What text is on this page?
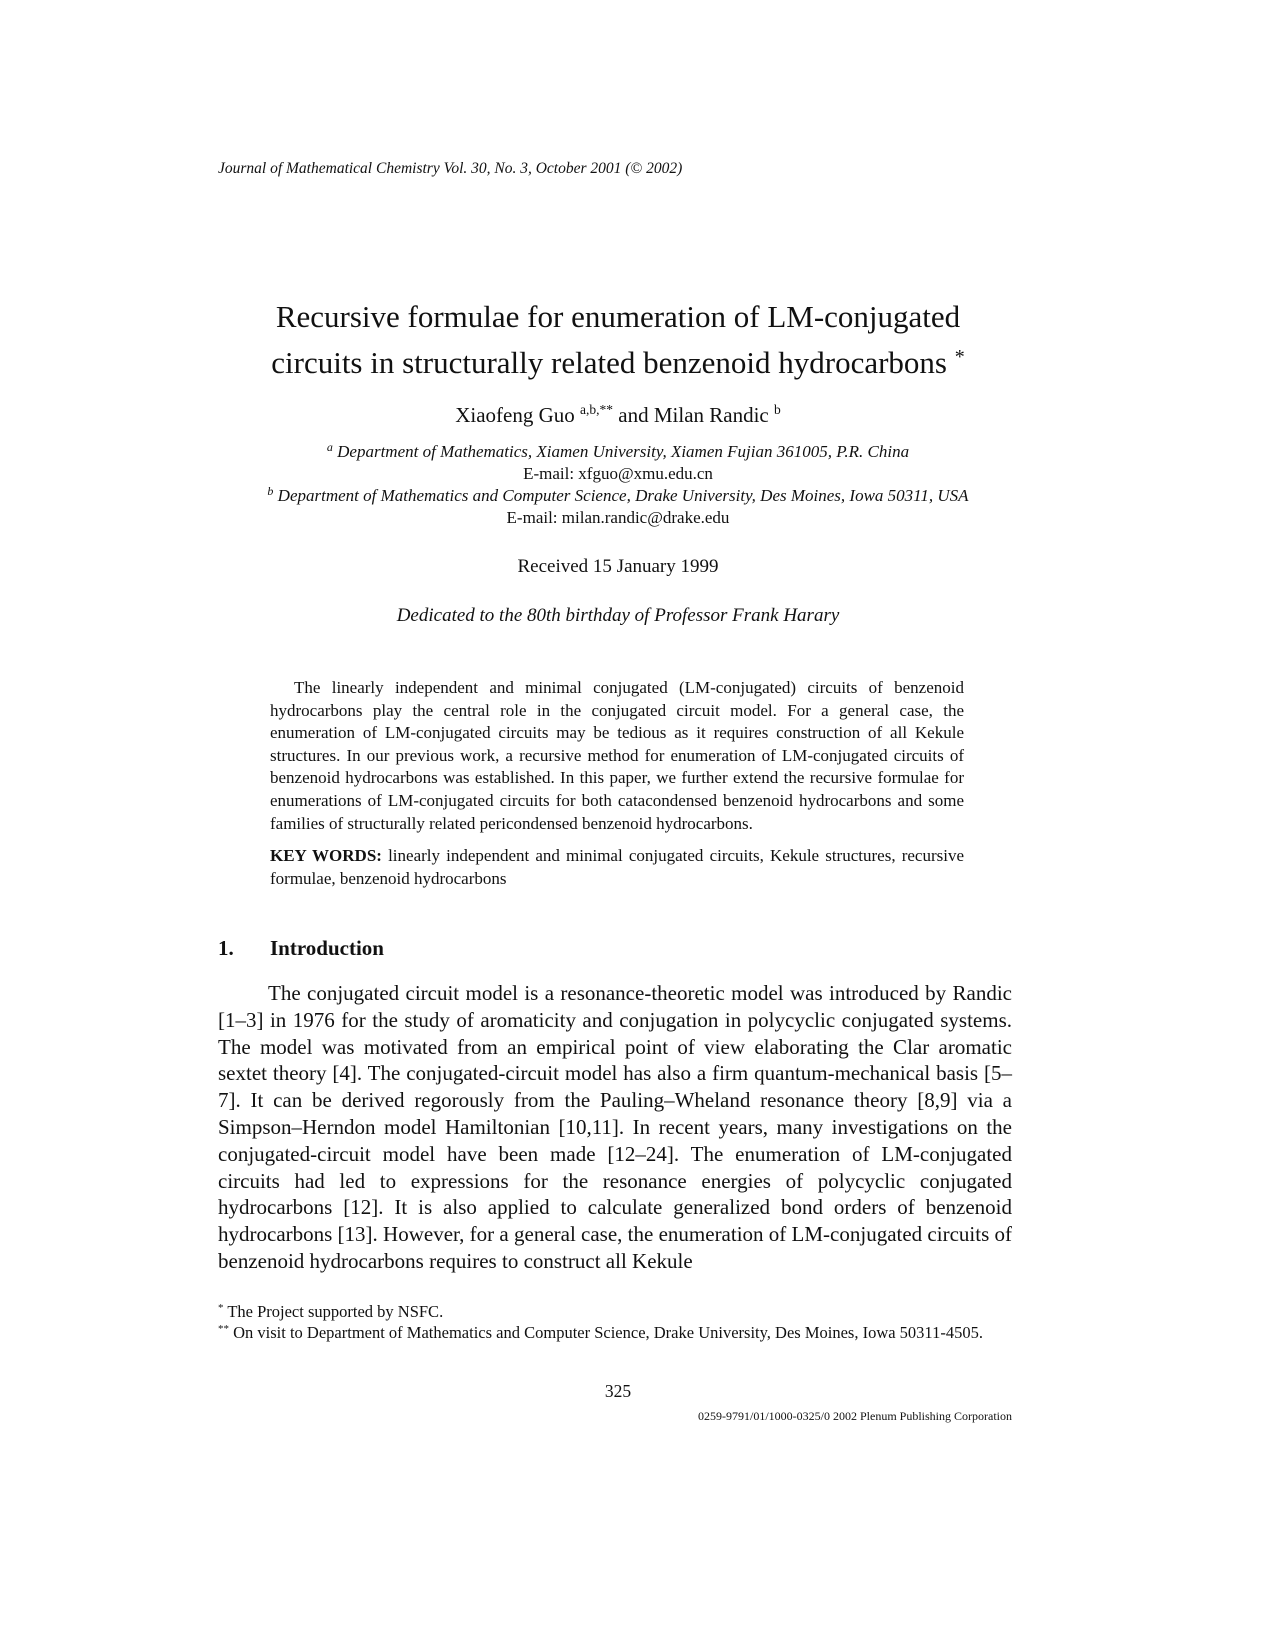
Journal of Mathematical Chemistry Vol. 30, No. 3, October 2001 (© 2002)
Recursive formulae for enumeration of LM-conjugated
circuits in structurally related benzenoid hydrocarbons *
Xiaofeng Guo $^{a,b,**}$ and Milan Randic $^b$
$^a$ Department of Mathematics, Xiamen University, Xiamen Fujian 361005, P.R. China
E-mail: xfguo@xmu.edu.cn
$^b$ Department of Mathematics and Computer Science, Drake University, Des Moines, Iowa 50311, USA
E-mail: milan.randic@drake.edu
Received 15 January 1999
Dedicated to the 80th birthday of Professor Frank Harary
The linearly independent and minimal conjugated (LM-conjugated) circuits of benzenoid hydrocarbons play the central role in the conjugated circuit model. For a general case, the enumeration of LM-conjugated circuits may be tedious as it requires construction of all Kekule structures. In our previous work, a recursive method for enumeration of LM-conjugated circuits of benzenoid hydrocarbons was established. In this paper, we further extend the recursive formulae for enumerations of LM-conjugated circuits for both catacondensed benzenoid hydrocarbons and some families of structurally related pericondensed benzenoid hydrocarbons.
KEY WORDS: linearly independent and minimal conjugated circuits, Kekule structures, recursive formulae, benzenoid hydrocarbons
1. Introduction
The conjugated circuit model is a resonance-theoretic model was introduced by Randic [1–3] in 1976 for the study of aromaticity and conjugation in polycyclic conjugated systems. The model was motivated from an empirical point of view elaborating the Clar aromatic sextet theory [4]. The conjugated-circuit model has also a firm quantum-mechanical basis [5–7]. It can be derived regorously from the Pauling–Wheland resonance theory [8,9] via a Simpson–Herndon model Hamiltonian [10,11]. In recent years, many investigations on the conjugated-circuit model have been made [12–24]. The enumeration of LM-conjugated circuits had led to expressions for the resonance energies of polycyclic conjugated hydrocarbons [12]. It is also applied to calculate generalized bond orders of benzenoid hydrocarbons [13]. However, for a general case, the enumeration of LM-conjugated circuits of benzenoid hydrocarbons requires to construct all Kekule
* The Project supported by NSFC.
** On visit to Department of Mathematics and Computer Science, Drake University, Des Moines, Iowa 50311-4505.
325
0259-9791/01/1000-0325/0 2002 Plenum Publishing Corporation
